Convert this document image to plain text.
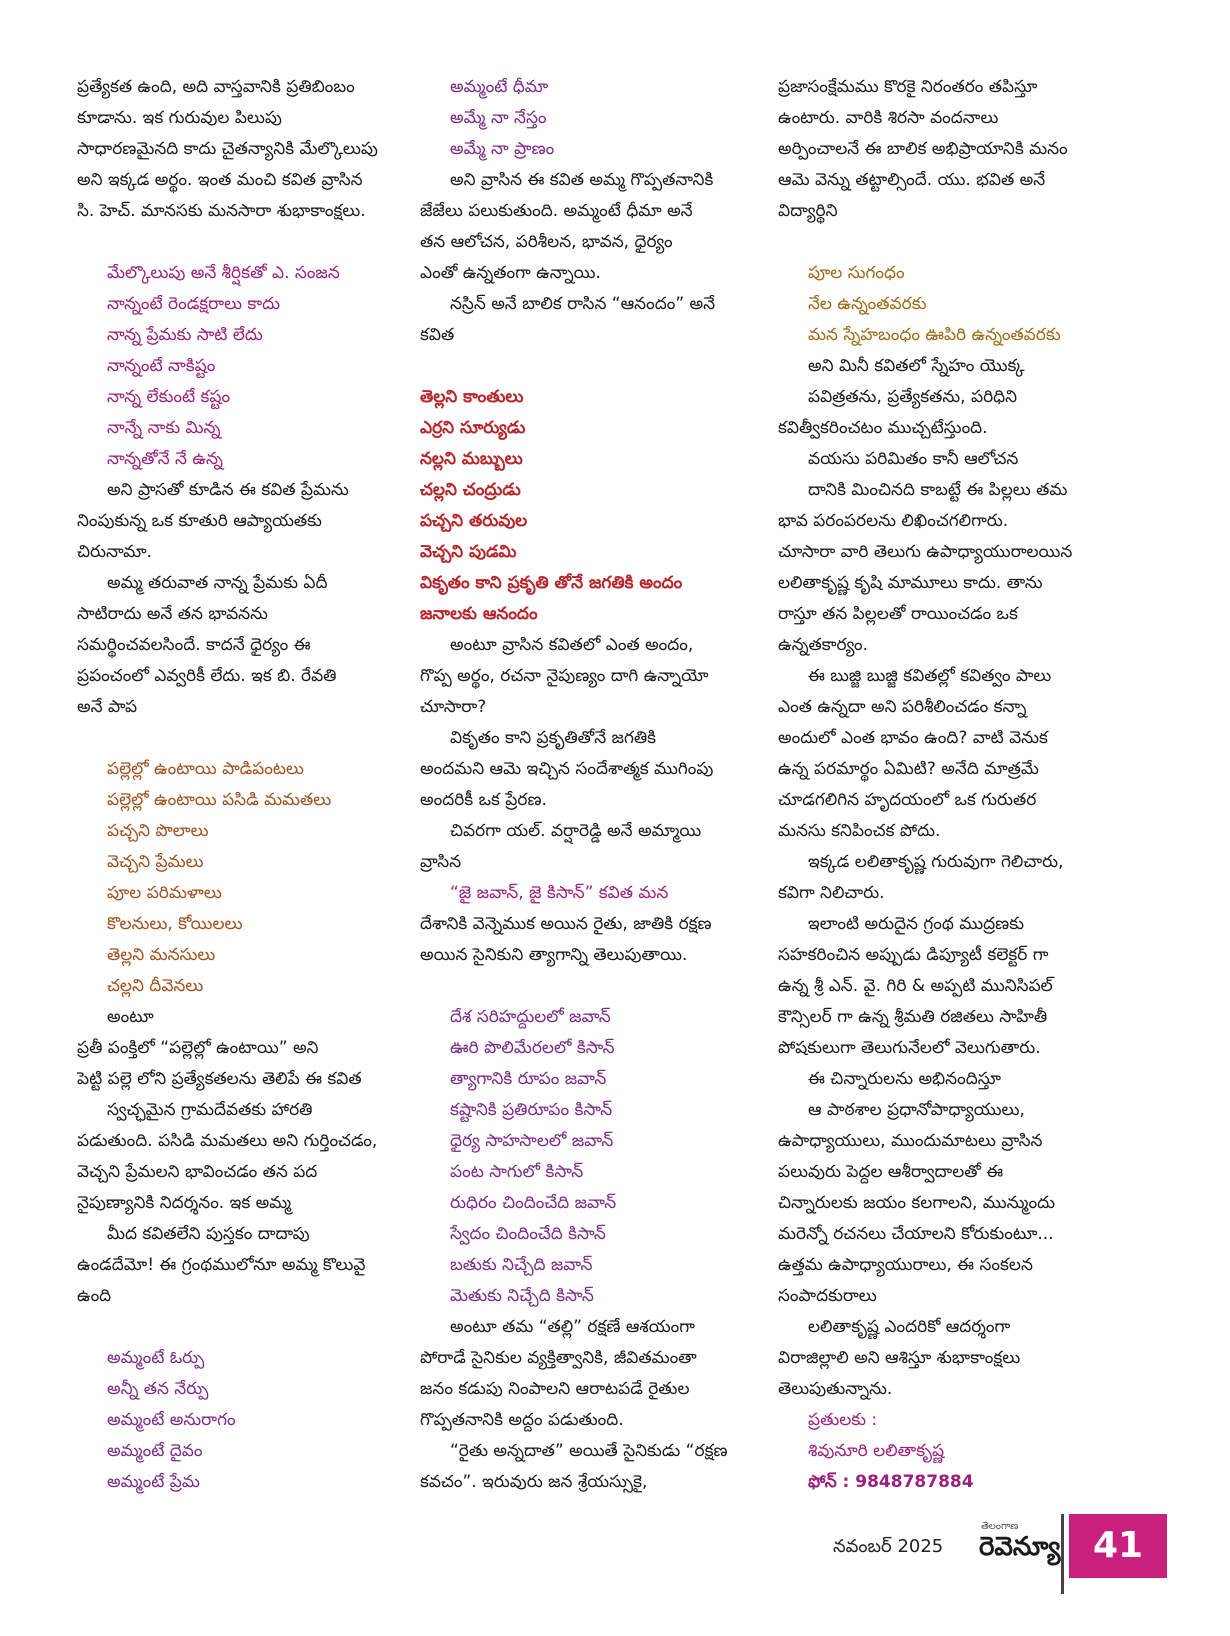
ప్రత్యేకత ఉంది, అది వాస్తవానికి ప్రతిబింబం
కూడాను. ఇక గురువుల పిలుపు
సాధారణమైనది కాదు చైతన్యానికి మేల్కొలుపు
అని ఇక్కడ అర్థం. ఇంత మంచి కవిత వ్రాసిన
సి. హెచ్. మానసకు మనసారా శుభాకాంక్షలు.
మేల్కొలుపు అనే శీర్షికతో ఎ. సంజన
నాన్నంటే రెండక్షరాలు కాదు
నాన్న ప్రేమకు సాటి లేదు
నాన్నంటే నాకిష్టం
నాన్న లేకుంటే కష్టం
నాన్నే నాకు మిన్న
నాన్నతోనే నే ఉన్న
అని ప్రాసతో కూడిన ఈ కవిత ప్రేమను
నింపుకున్న ఒక కూతురి ఆప్యాయతకు
చిరునామా.
అమ్మ తరువాత నాన్న ప్రేమకు ఏదీ
సాటిరాదు అనే తన భావనను
సమర్థించవలసిందే. కాదనే ధైర్యం ఈ
ప్రపంచంలో ఎవ్వరికీ లేదు. ఇక బి. రేవతి
అనే పాప
పల్లెల్లో ఉంటాయి పాడిపంటలు
పల్లెల్లో ఉంటాయి పసిడి మమతలు
పచ్చని పొలాలు
వెచ్చని ప్రేమలు
పూల పరిమళాలు
కొలనులు, కోయిలలు
తెల్లని మనసులు
చల్లని దీవెనలు
అంటూ
ప్రతీ పంక్తిలో “పల్లెల్లో ఉంటాయి” అని
పెట్టి పల్లె లోని ప్రత్యేకతలను తెలిపే ఈ కవిత
స్వచ్ఛమైన గ్రామదేవతకు హారతి
పడుతుంది. పసిడి మమతలు అని గుర్తించడం,
వెచ్చని ప్రేమలని భావించడం తన పద
నైపుణ్యానికి నిదర్శనం. ఇక అమ్మ
మీద కవితలేని పుస్తకం దాదాపు
ఉండదేమో! ఈ గ్రంథములోనూ అమ్మ కొలువై
ఉంది
అమ్మంటే ఓర్పు
అన్నీ తన నేర్పు
అమ్మంటే అనురాగం
అమ్మంటే దైవం
అమ్మంటే ప్రేమ
అమ్మంటే ధీమా
అమ్మే నా నేస్తం
అమ్మే నా ప్రాణం
అని వ్రాసిన ఈ కవిత అమ్మ గొప్పతనానికి
జేజేలు పలుకుతుంది. అమ్మంటే ధీమా అనే
తన ఆలోచన, పరిశీలన, భావన, ధైర్యం
ఎంతో ఉన్నతంగా ఉన్నాయి.
నస్రిన్ అనే బాలిక రాసిన “ఆనందం” అనే
కవిత
తెల్లని కాంతులు
ఎర్రని సూర్యుడు
నల్లని మబ్బులు
చల్లని చంద్రుడు
పచ్చని తరువుల
వెచ్చని పుడమి
వికృతం కాని ప్రకృతి తోనే జగతికి అందం
జనాలకు ఆనందం
అంటూ వ్రాసిన కవితలో ఎంత అందం,
గొప్ప అర్థం, రచనా నైపుణ్యం దాగి ఉన్నాయో
చూసారా?
వికృతం కాని ప్రకృతితోనే జగతికి
అందమని ఆమె ఇచ్చిన సందేశాత్మక ముగింపు
అందరికీ ఒక ప్రేరణ.
చివరగా యల్. వర్షారెడ్డి అనే అమ్మాయి
వ్రాసిన
“జై జవాన్, జై కిసాన్” కవిత మన
దేశానికి వెన్నెముక అయిన రైతు, జాతికి రక్షణ
అయిన సైనికుని త్యాగాన్ని తెలుపుతాయి.
దేశ సరిహద్దులలో జవాన్
ఊరి పొలిమేరలలో కిసాన్
త్యాగానికి రూపం జవాన్
కష్టానికి ప్రతిరూపం కిసాన్
ధైర్య సాహసాలలో జవాన్
పంట సాగులో కిసాన్
రుధిరం చిందించేది జవాన్
స్వేదం చిందించేది కిసాన్
బతుకు నిచ్చేది జవాన్
మెతుకు నిచ్చేది కిసాన్
అంటూ తమ “తల్లి” రక్షణే ఆశయంగా
పోరాడే సైనికుల వ్యక్తిత్వానికి, జీవితమంతా
జనం కడుపు నింపాలని ఆరాటపడే రైతుల
గొప్పతనానికి అద్దం పడుతుంది.
“రైతు అన్నదాత” అయితే సైనికుడు “రక్షణ
కవచం”. ఇరువురు జన శ్రేయస్సుకై,
ప్రజాసంక్షేమము కొరకై నిరంతరం తపిస్తూ
ఉంటారు. వారికి శిరసా వందనాలు
అర్పించాలనే ఈ బాలిక అభిప్రాయానికి మనం
ఆమె వెన్ను తట్టాల్సిందే. యు. భవిత అనే
విద్యార్థిని
పూల సుగంధం
నేల ఉన్నంతవరకు
మన స్నేహబంధం ఊపిరి ఉన్నంతవరకు
అని మినీ కవితలో స్నేహం యొక్క
పవిత్రతను, ప్రత్యేకతను, పరిధిని
కవిత్వీకరించటం ముచ్చటేస్తుంది.
వయసు పరిమితం కానీ ఆలోచన
దానికి మించినది కాబట్టే ఈ పిల్లలు తమ
భావ పరంపరలను లిఖించగలిగారు.
చూసారా వారి తెలుగు ఉపాధ్యాయురాలయిన
లలితాకృష్ణ కృషి మామూలు కాదు. తాను
రాస్తూ తన పిల్లలతో రాయించడం ఒక
ఉన్నతకార్యం.
ఈ బుజ్జి బుజ్జి కవితల్లో కవిత్వం పాలు
ఎంత ఉన్నదా అని పరిశీలించడం కన్నా
అందులో ఎంత భావం ఉంది? వాటి వెనుక
ఉన్న పరమార్థం ఏమిటి? అనేది మాత్రమే
చూడగలిగిన హృదయంలో ఒక గురుతర
మనసు కనిపించక పోదు.
ఇక్కడ లలితాకృష్ణ గురువుగా గెలిచారు,
కవిగా నిలిచారు.
ఇలాంటి అరుదైన గ్రంథ ముద్రణకు
సహకరించిన అప్పుడు డిప్యూటీ కలెక్టర్ గా
ఉన్న శ్రీ ఎన్. వై. గిరి & అప్పటి మునిసిపల్
కౌన్సిలర్ గా ఉన్న శ్రీమతి రజితలు సాహితీ
పోషకులుగా తెలుగునేలలో వెలుగుతారు.
ఈ చిన్నారులను అభినందిస్తూ
ఆ పాఠశాల ప్రధానోపాధ్యాయులు,
ఉపాధ్యాయులు, ముందుమాటలు వ్రాసిన
పలువురు పెద్దల ఆశీర్వాదాలతో ఈ
చిన్నారులకు జయం కలగాలని, మున్ముందు
మరెన్నో రచనలు చేయాలని కోరుకుంటూ...
ఉత్తమ ఉపాధ్యాయురాలు, ఈ సంకలన
సంపాదకురాలు
లలితాకృష్ణ ఎందరికో ఆదర్శంగా
విరాజిల్లాలి అని ఆశిస్తూ శుభాకాంక్షలు
తెలుపుతున్నాను.
ప్రతులకు :
శివునూరి లలితాకృష్ణ
ఫోన్ : 9848787884
నవంబర్ 2025
తెలంగాణ
రెవెన్యూ 41
